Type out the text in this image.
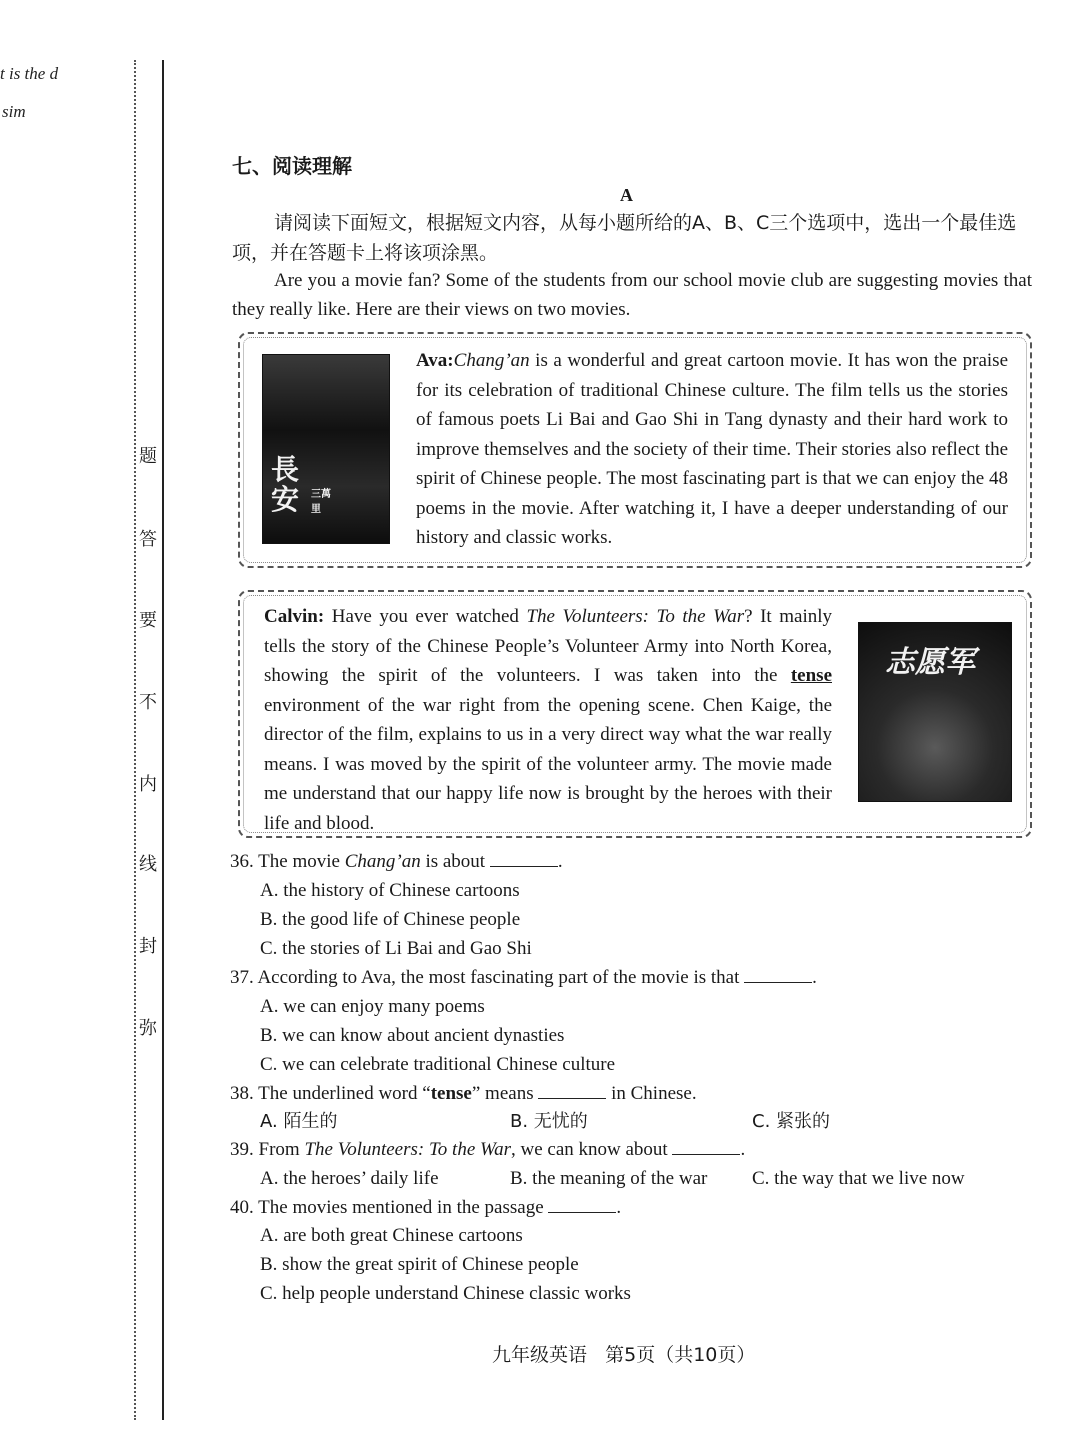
t is the d
sim
题
答
要
不
内
线
封
弥
七、阅读理解
A
请阅读下面短文，根据短文内容，从每小题所给的A、B、C三个选项中，选出一个最佳选项，并在答题卡上将该项涂黑。
Are you a movie fan? Some of the students from our school movie club are suggesting movies that they really like. Here are their views on two movies.
長安	三萬里
Ava:Chang’an is a wonderful and great cartoon movie. It has won the praise for its celebration of traditional Chinese culture. The film tells us the stories of famous poets Li Bai and Gao Shi in Tang dynasty and their hard work to improve themselves and the society of their time. Their stories also reflect the spirit of Chinese people. The most fascinating part is that we can enjoy the 48 poems in the movie. After watching it, I have a deeper understanding of our history and classic works.
Calvin: Have you ever watched The Volunteers: To the War? It mainly tells the story of the Chinese People’s Volunteer Army into North Korea, showing the spirit of the volunteers. I was taken into the tense environment of the war right from the opening scene. Chen Kaige, the director of the film, explains to us in a very direct way what the war really means. I was moved by the spirit of the volunteer army. The movie made me understand that our happy life now is brought by the heroes with their life and blood.
志愿军
36. The movie Chang’an is about	.
A. the history of Chinese cartoons
B. the good life of Chinese people
C. the stories of Li Bai and Gao Shi
37. According to Ava, the most fascinating part of the movie is that	.
A. we can enjoy many poems
B. we can know about ancient dynasties
C. we can celebrate traditional Chinese culture
38. The underlined word “tense” means	in Chinese.
A. 陌生的	B. 无忧的	C. 紧张的
39. From The Volunteers: To the War, we can know about	.
A. the heroes’ daily life	B. the meaning of the war C. the way that we live now
40. The movies mentioned in the passage	.
A. are both great Chinese cartoons
B. show the great spirit of Chinese people
C. help people understand Chinese classic works
九年级英语   第5页（共10页）
